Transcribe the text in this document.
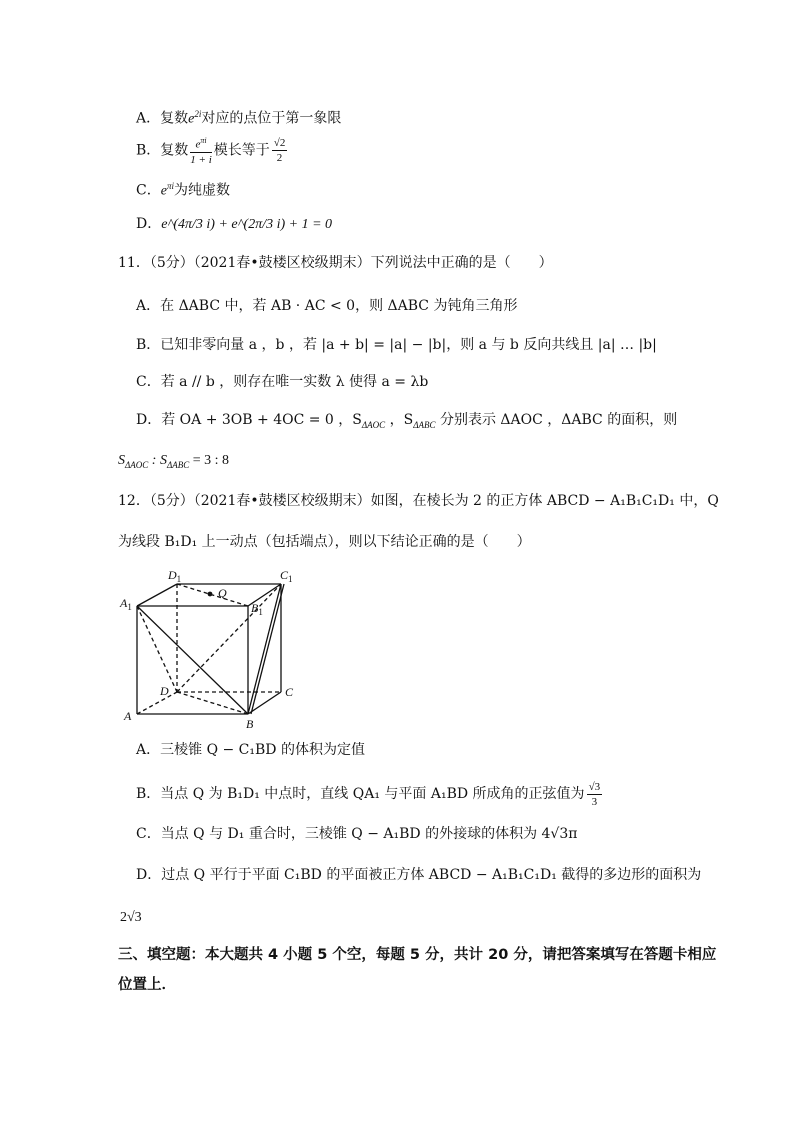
A．复数$e^{2i}$对应的点位于第一象限
B．复数 $\frac{e^{\pi i}}{1 + i}$ 模长等于 $\frac{√2}{2}$
C．$e^{\pi i}$为纯虚数
D．e^(4π/3 i) + e^(2π/3 i) + 1 = 0
11．（5分）（2021春•鼓楼区校级期末）下列说法中正确的是（　　）
A．在 ΔABC 中，若 AB · AC < 0，则 ΔABC 为钝角三角形
B．已知非零向量 a ，b ，若 |a + b| = |a| − |b|，则 a 与 b 反向共线且 |a| … |b|
C．若 a // b ，则存在唯一实数 λ 使得 a = λb
D．若 OA + 3OB + 4OC = 0 ，$S_{\Delta AOC}$ ，$S_{\Delta ABC}$ 分别表示 ΔAOC ，ΔABC 的面积，则
$S_{\Delta AOC}$ : $S_{\Delta ABC} = 3$ : 8
12．（5分）（2021春•鼓楼区校级期末）如图，在棱长为 2 的正方体 ABCD − A₁B₁C₁D₁ 中，Q
为线段 B₁D₁ 上一动点（包括端点），则以下结论正确的是（　　）
$D_1$	$C_1$
$A_1$	$B_1$
Q
D	C
A
B
A．三棱锥 Q − C₁BD 的体积为定值
B．当点 Q 为 B₁D₁ 中点时，直线 QA₁ 与平面 A₁BD 所成角的正弦值为 $\frac{√3}{3}$
C．当点 Q 与 D₁ 重合时，三棱锥 Q − A₁BD 的外接球的体积为 4√3π
D．过点 Q 平行于平面 C₁BD 的平面被正方体 ABCD − A₁B₁C₁D₁ 截得的多边形的面积为
2√3
三、填空题：本大题共 4 小题 5 个空，每题 5 分，共计 20 分，请把答案填写在答题卡相应
位置上．
